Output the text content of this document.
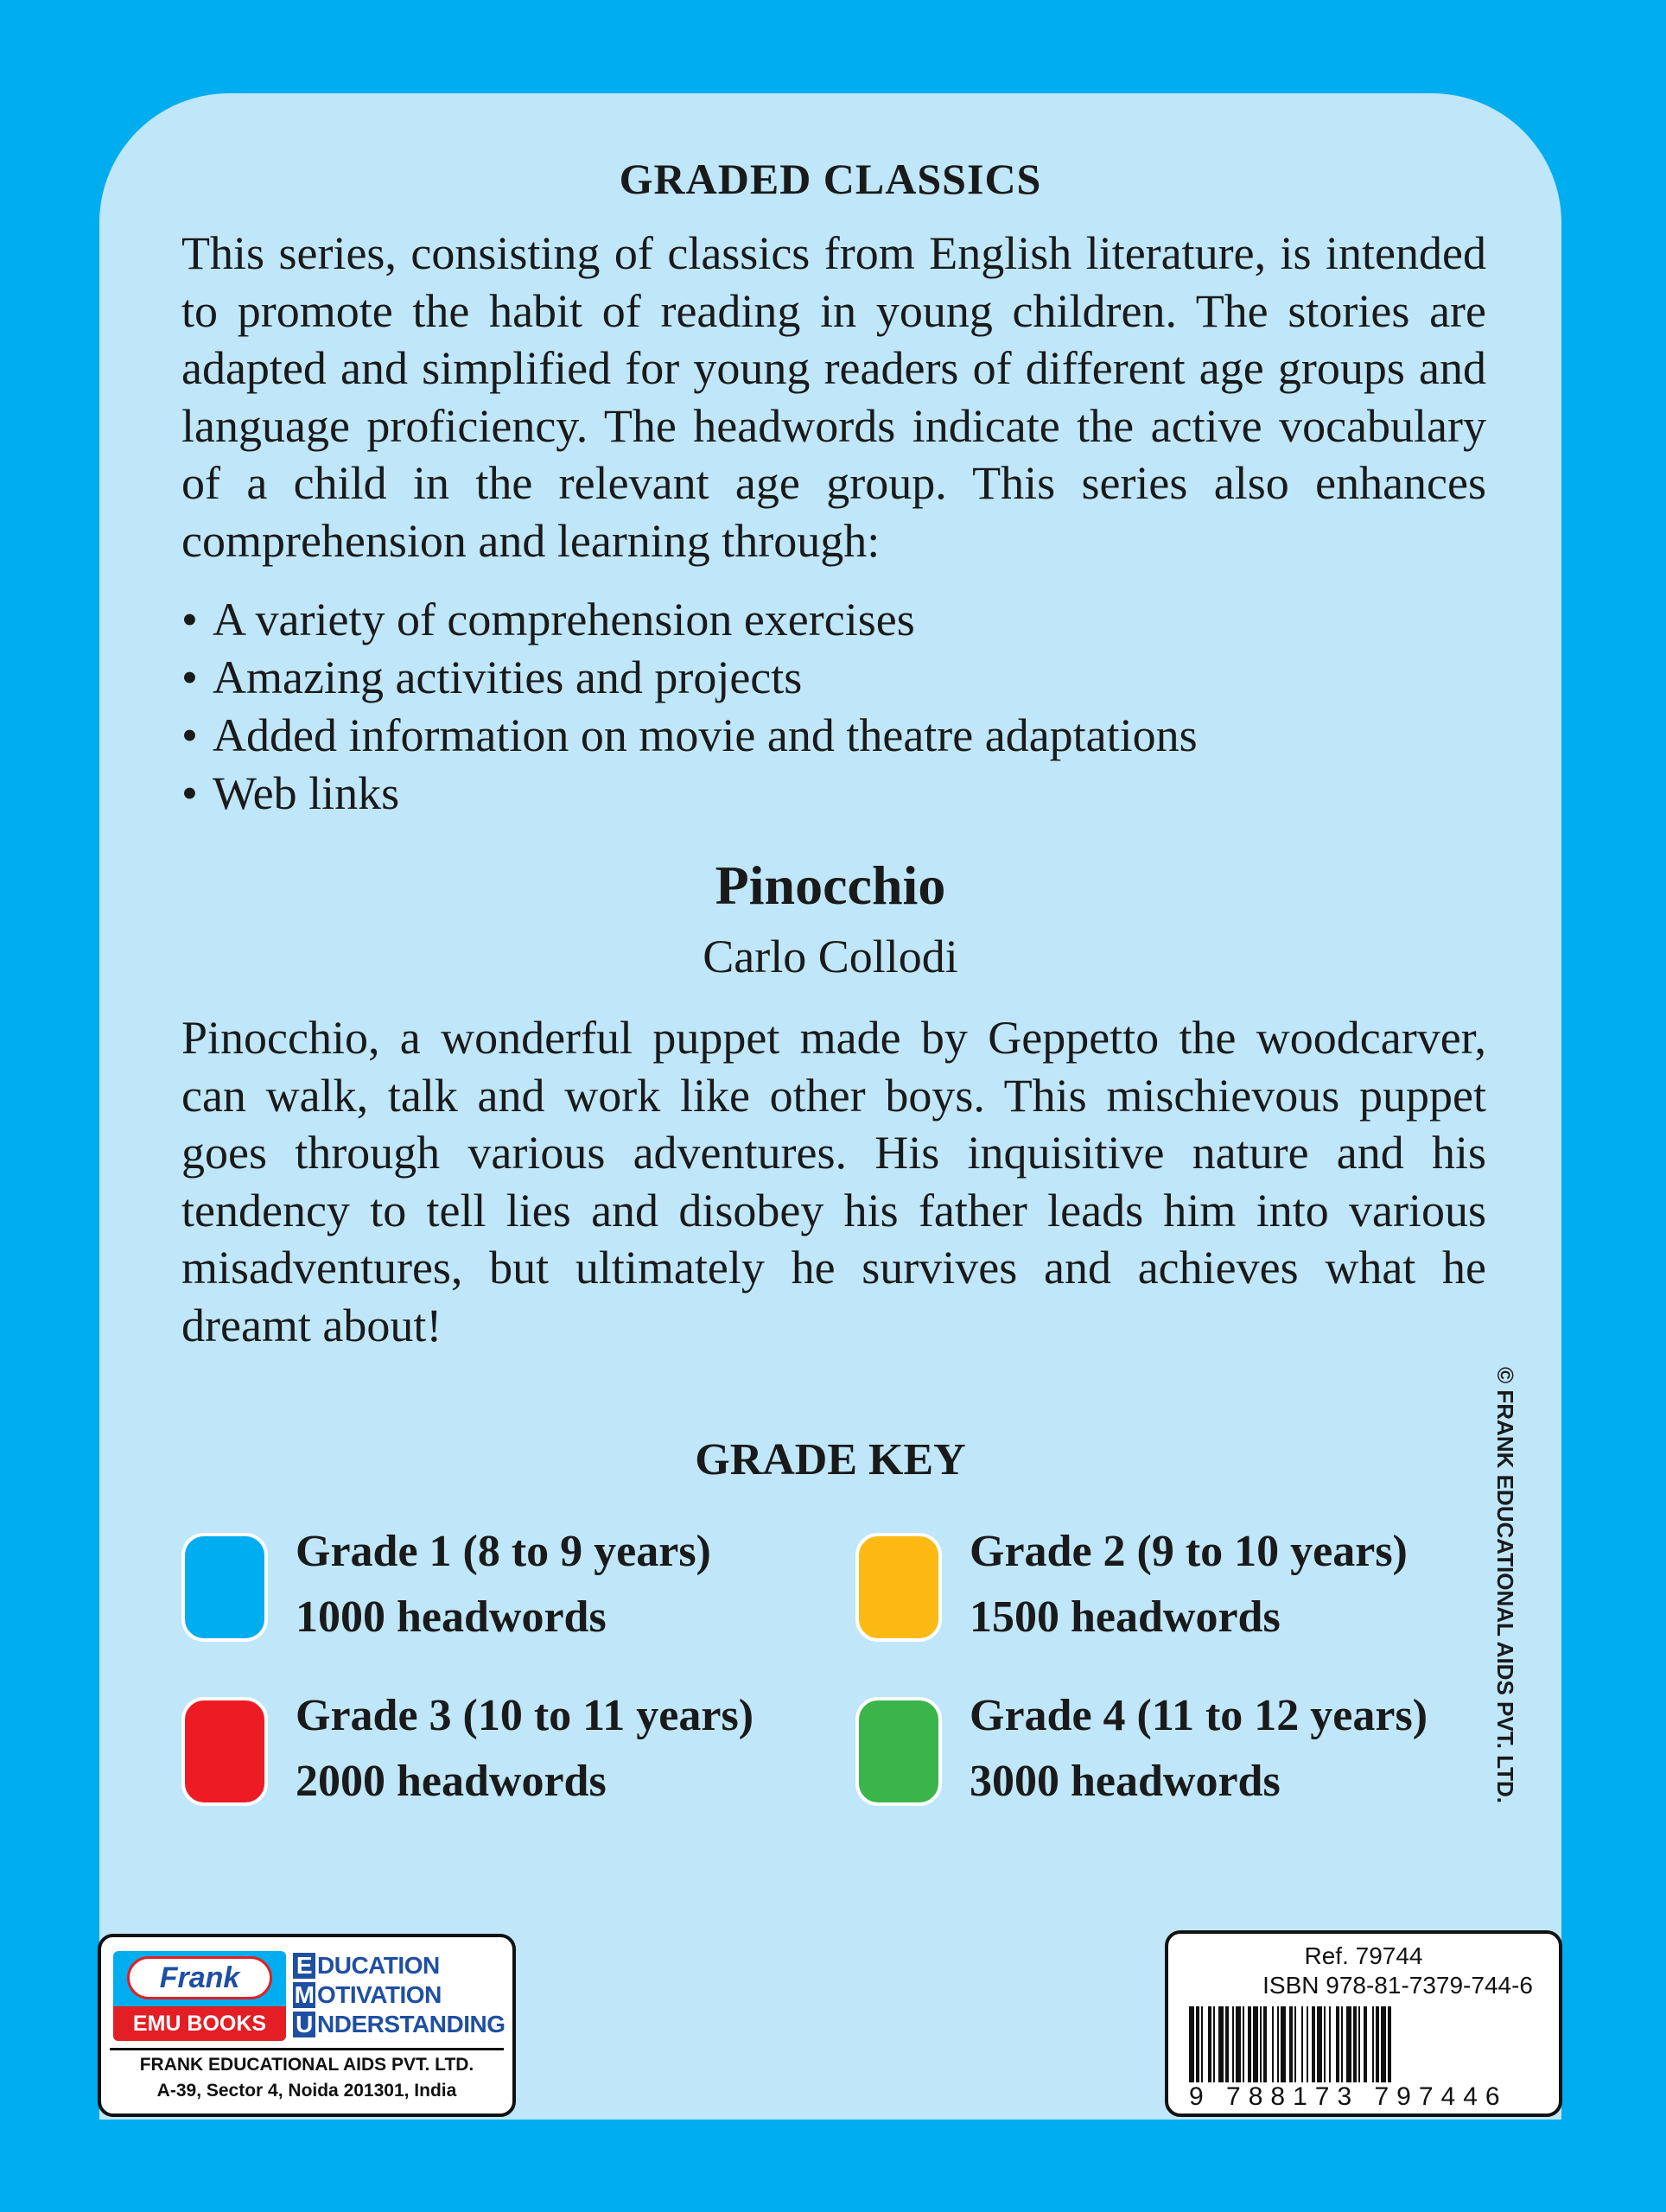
GRADED CLASSICS

This series, consisting of classics from English literature, is intended to promote the habit of reading in young children. The stories are adapted and simplified for young readers of different age groups and language proficiency. The headwords indicate the active vocabulary of a child in the relevant age group. This series also enhances comprehension and learning through:

• A variety of comprehension exercises
• Amazing activities and projects
• Added information on movie and theatre adaptations
• Web links
Pinocchio
Carlo Collodi

Pinocchio, a wonderful puppet made by Geppetto the woodcarver, can walk, talk and work like other boys. This mischievous puppet goes through various adventures. His inquisitive nature and his tendency to tell lies and disobey his father leads him into various misadventures, but ultimately he survives and achieves what he dreamt about!

GRADE KEY
Grade 1 (8 to 9 years)
1000 headwords
Grade 2 (9 to 10 years)
1500 headwords
Grade 3 (10 to 11 years)
2000 headwords
Grade 4 (11 to 12 years)
3000 headwords	© FRANK EDUCATIONAL AIDS PVT. LTD.
Frank
EMU BOOKS
E DUCATION
M OTIVATION
U NDERSTANDING
FRANK EDUCATIONAL AIDS PVT. LTD.
A-39, Sector 4, Noida 201301, India
Ref. 79744
ISBN 978-81-7379-744-6
9 788173 797446
